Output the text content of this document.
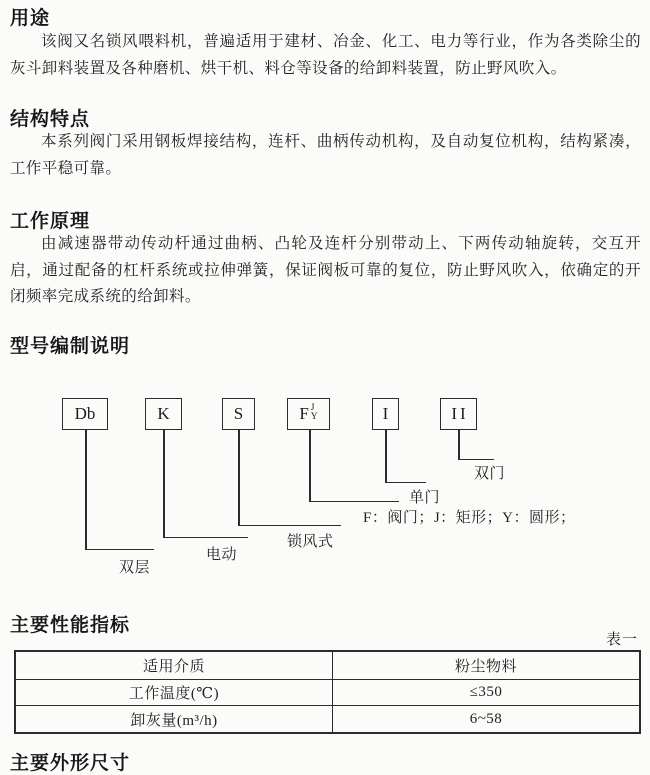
用途

该阀又名锁风喂料机，普遍适用于建材、冶金、化工、电力等行业，作为各类除尘的灰斗卸料装置及各种磨机、烘干机、料仓等设备的给卸料装置，防止野风吹入。

结构特点

本系列阀门采用钢板焊接结构，连杆、曲柄传动机构，及自动复位机构，结构紧凑，工作平稳可靠。

工作原理

由减速器带动传动杆通过曲柄、凸轮及连杆分别带动上、下两传动轴旋转，交互开启，通过配备的杠杆系统或拉伸弹簧，保证阀板可靠的复位，防止野风吹入，依确定的开闭频率完成系统的给卸料。

型号编制说明
Db	K	S	F J
Y	I	II
双层
电动
锁风式
F：阀门；J：矩形；Y：圆形；
单门
双门
主要性能指标
表一
适用介质	粉尘物料
工作温度(℃)	≤350
卸灰量(m³/h)	6~58
主要外形尺寸
